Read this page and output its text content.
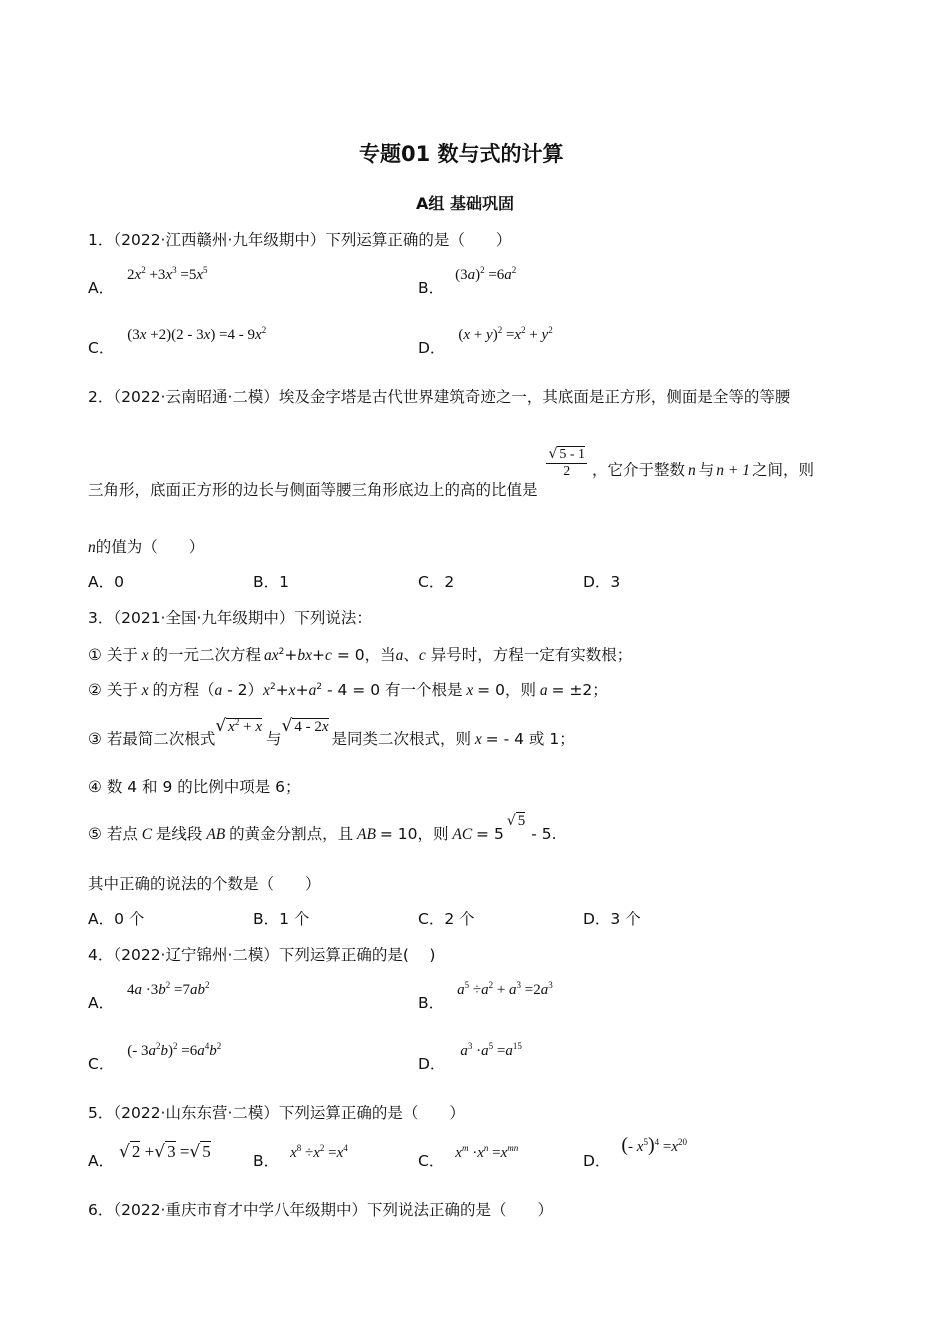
专题01 数与式的计算
A组 基础巩固
1．（2022·江西赣州·九年级期中）下列运算正确的是（　　）
A． $2x^2 +3x^3 =5x^5$
B． $(3a)^2 =6a^2$
C． $(3x +2)(2 - 3x) =4 - 9x^2$
D． $(x + y)^2 =x^2 + y^2$
2．（2022·云南昭通·二模）埃及金字塔是古代世界建筑奇迹之一，其底面是正方形，侧面是全等的等腰
三角形，底面正方形的边长与侧面等腰三角形底边上的高的比值是
$\frac{√ 5 - 1}{2}$ ，它介于整数 n 与 n + 1 之间，则
n的值为（　　）
A．0	B．1	C．2	D．3
3．（2021·全国·九年级期中）下列说法：
① 关于 x 的一元二次方程 $ax^2+bx+c = 0$，当a、c 异号时，方程一定有实数根；
② 关于 x 的方程$(a - 2)x^2+x+a^2 - 4 = 0$ 有一个根是 x = 0，则 a = ±2；
③ 若最简二次根式√ $x^2 + x$与√ 4 - 2x是同类二次根式，则 x = - 4 或 1；
④ 数 4 和 9 的比例中项是 6；
⑤ 若点 C 是线段 AB 的黄金分割点，且 AB = 10，则 AC = 5√ 5- 5.
其中正确的说法的个数是（　　）
A．0 个	B．1 个	C．2 个	D．3 个
4．（2022·辽宁锦州·二模）下列运算正确的是(　 )
A． $4a \cdot 3b^2 =7ab^2$
B． $a^5 \div a^2 + a^3 =2a^3$
C． (- $3a^2b)^2 =6a^4b^2$
D． $a^3 \cdot a^5 =a^{15}$
5．（2022·山东东营·二模）下列运算正确的是（　　）
A． √ 2 +√ 3 =√ 5	B． $x^8 \div x^2 =x^4$
C． $x^m \cdot x^n =x^{mn}$
D． (- $x^5)^4 =x^{20}$
6．（2022·重庆市育才中学八年级期中）下列说法正确的是（　　）
